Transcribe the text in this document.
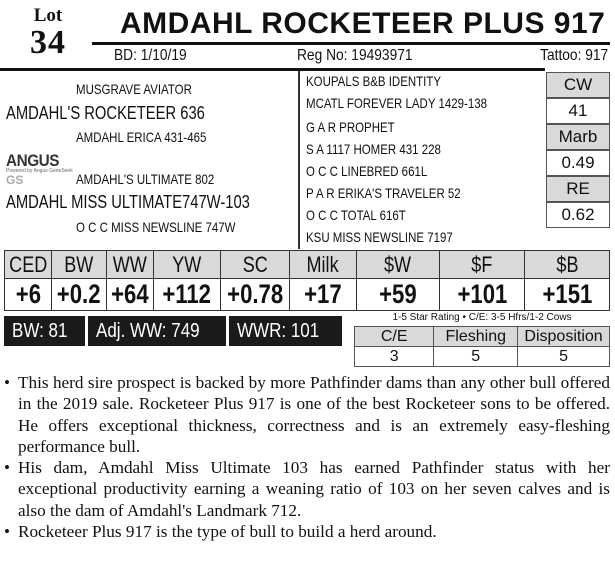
Lot
34
AMDAHL ROCKETEER PLUS 917
BD: 1/10/19	Reg No: 19493971	Tattoo: 917
MUSGRAVE AVIATOR
AMDAHL'S ROCKETEER 636
AMDAHL ERICA 431-465
ANGUSGS
Powered by Angus GeneSeek AMDAHL'S ULTIMATE 802
AMDAHL MISS ULTIMATE747W-103
O C C MISS NEWSLINE 747W
KOUPALS B&B IDENTITY
MCATL FOREVER LADY 1429-138
G A R PROPHET
S A 1117 HOMER 431 228
O C C LINEBRED 661L
P A R ERIKA'S TRAVELER 52
O C C TOTAL 616T
KSU MISS NEWSLINE 7197
CW
41
Marb
0.49
RE
0.62
CED	BW	WW	YW	SC	Milk	$W	$F	$B
+6	+0.2	+64	+112	+0.78	+17	+59	+101	+151
BW: 81	Adj. WW: 749	WWR: 101
1-5 Star Rating • C/E: 3-5 Hfrs/1-2 Cows
C/E	Fleshing	Disposition
3	5	5
• This herd sire prospect is backed by more Pathfinder dams than any other bull offered in the 2019 sale. Rocketeer Plus 917 is one of the best Rocketeer sons to be offered. He offers exceptional thickness, correctness and is an extremely easy-fleshing performance bull.
• His dam, Amdahl Miss Ultimate 103 has earned Pathfinder status with her exceptional productivity earning a weaning ratio of 103 on her seven calves and is also the dam of Amdahl's Landmark 712.
• Rocketeer Plus 917 is the type of bull to build a herd around.
